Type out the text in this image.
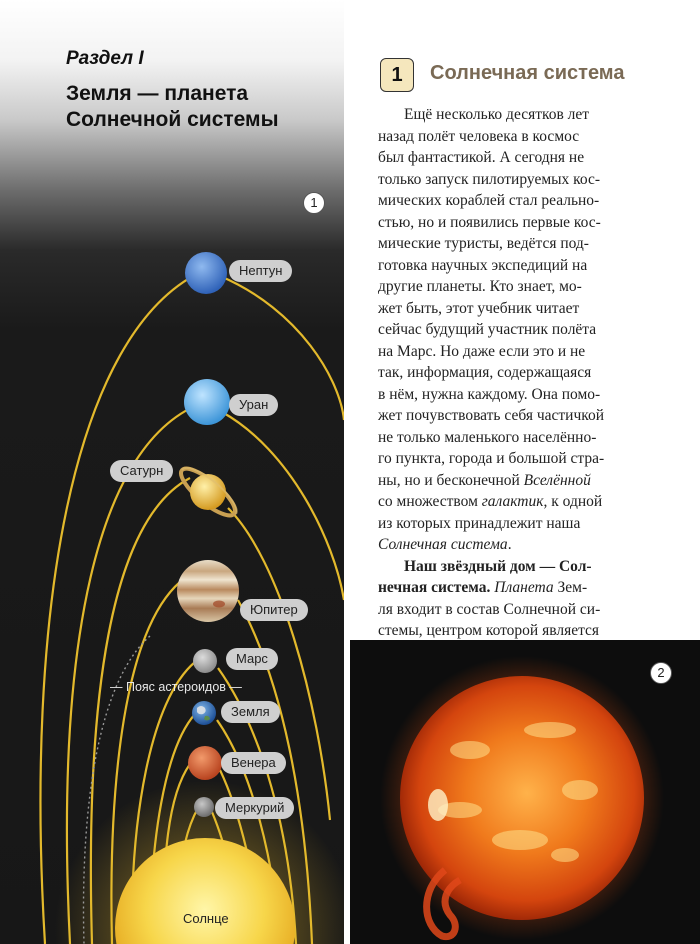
Раздел I
Земля — планета
Солнечной системы
1
Нептун
Уран
Сатурн
Юпитер
Марс
— Пояс астероидов —
Земля
Венера
Меркурий
Солнце
1	Солнечная система
Ещё несколько десятков лет
назад полёт человека в космос
был фантастикой. А сегодня не
только запуск пилотируемых кос-
мических кораблей стал реально-
стью, но и появились первые кос-
мические туристы, ведётся под-
готовка научных экспедиций на
другие планеты. Кто знает, мо-
жет быть, этот учебник читает
сейчас будущий участник полёта
на Марс. Но даже если это и не
так, информация, содержащаяся
в нём, нужна каждому. Она помо-
жет почувствовать себя частичкой
не только маленького населённо-
го пункта, города и большой стра-
ны, но и бесконечной Вселённой
со множеством галактик, к одной
из которых принадлежит наша
Солнечная система.
Наш звёздный дом — Сол-
нечная система. Планета Зем-
ля входит в состав Солнечной си-
стемы, центром которой является
2
